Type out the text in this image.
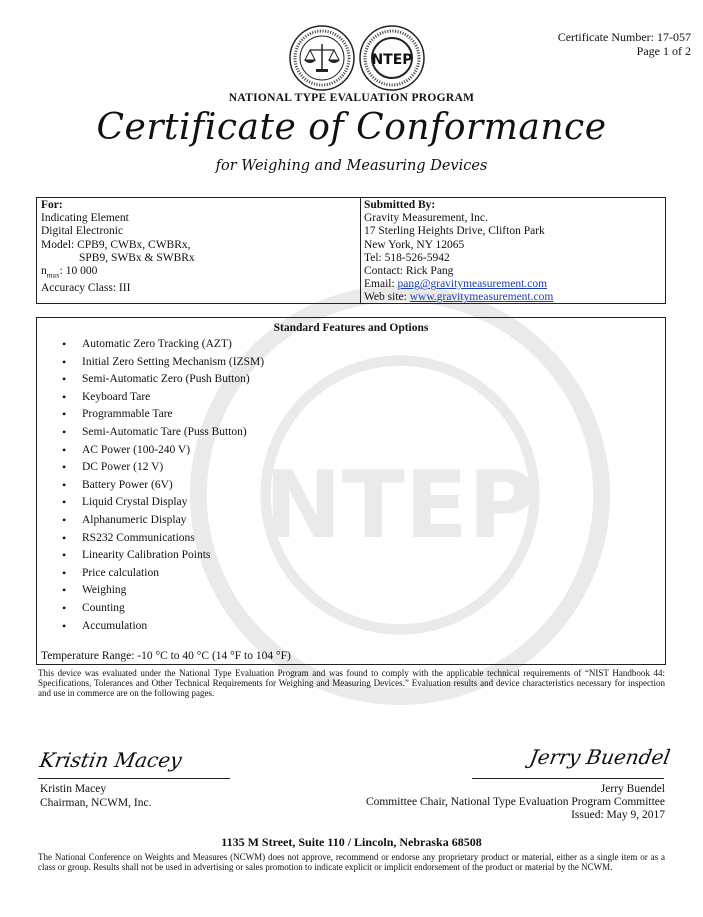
NTEP
Certificate Number: 17-057
Page 1 of 2
NTEP
NATIONAL TYPE EVALUATION PROGRAM
Certificate of Conformance
for Weighing and Measuring Devices
For:
Indicating Element
Digital Electronic
Model: CPB9, CWBx, CWBRx,
SPB9, SWBx & SWBRx
$n_{max}$: 10 000
Accuracy Class: III
Submitted By:
Gravity Measurement, Inc.
17 Sterling Heights Drive, Clifton Park
New York, NY 12065
Tel: 518-526-5942
Contact: Rick Pang
Email: pang@gravitymeasurement.com
Web site: www.gravitymeasurement.com
Standard Features and Options
• Automatic Zero Tracking (AZT)
• Initial Zero Setting Mechanism (IZSM)
• Semi-Automatic Zero (Push Button)
• Keyboard Tare
• Programmable Tare
• Semi-Automatic Tare (Puss Button)
• AC Power (100-240 V)
• DC Power (12 V)
• Battery Power (6V)
• Liquid Crystal Display
• Alphanumeric Display
• RS232 Communications
• Linearity Calibration Points
• Price calculation
• Weighing
• Counting
• Accumulation
Temperature Range: -10 °C to 40 °C (14 °F to 104 °F)
This device was evaluated under the National Type Evaluation Program and was found to comply with the applicable technical requirements of “NIST Handbook 44: Specifications, Tolerances and Other Technical Requirements for Weighing and Measuring Devices.” Evaluation results and device characteristics necessary for inspection and use in commerce are on the following pages.
Kristin Macey
Kristin Macey
Chairman, NCWM, Inc.
Jerry Buendel
Jerry Buendel
Committee Chair, National Type Evaluation Program Committee
Issued: May 9, 2017
1135 M Street, Suite 110 / Lincoln, Nebraska 68508
The National Conference on Weights and Measures (NCWM) does not approve, recommend or endorse any proprietary product or material, either as a single item or as a class or group. Results shall not be used in advertising or sales promotion to indicate explicit or implicit endorsement of the product or material by the NCWM.
